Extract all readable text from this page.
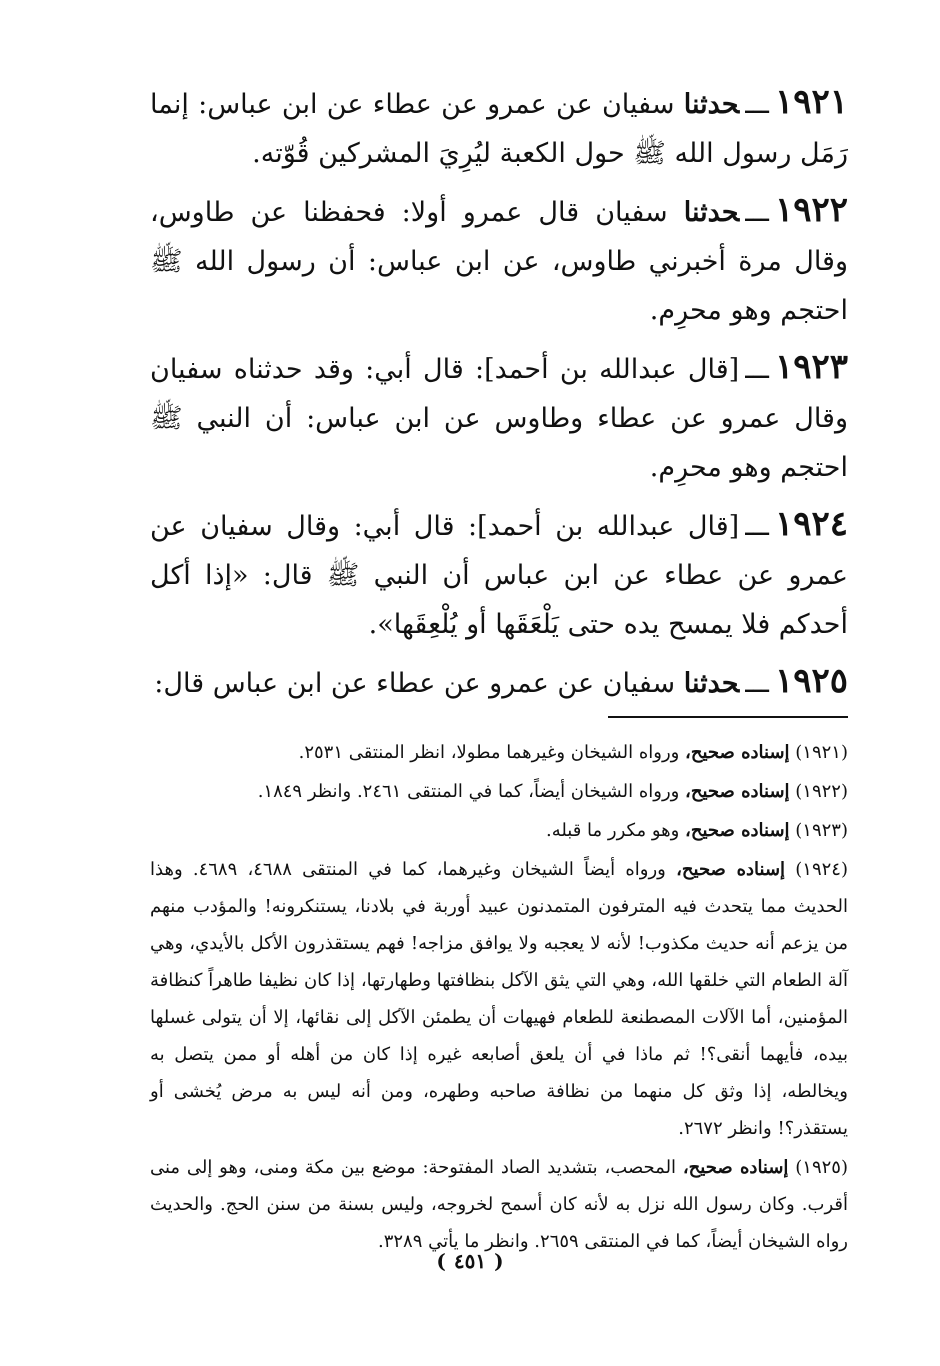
١٩٢١ـــحدثنا سفيان عن عمرو عن عطاء عن ابن عباس: إنما رَمَل رسول الله ﷺ حول الكعبة ليُرِيَ المشركين قُوّته.

١٩٢٢ـــحدثنا سفيان قال عمرو أولا: فحفظنا عن طاوس، وقال مرة أخبرني طاوس، عن ابن عباس: أن رسول الله ﷺ احتجم وهو محرِم.

١٩٢٣ـــ[قال عبدالله بن أحمد]: قال أبي: وقد حدثناه سفيان وقال عمرو عن عطاء وطاوس عن ابن عباس: أن النبي ﷺ احتجم وهو محرِم.

١٩٢٤ـــ[قال عبدالله بن أحمد]: قال أبي: وقال سفيان عن عمرو عن عطاء عن ابن عباس أن النبي ﷺ قال: «إذا أكل أحدكم فلا يمسح يده حتى يَلْعَقَها أو يُلْعِقَها».

١٩٢٥ـــحدثنا سفيان عن عمرو عن عطاء عن ابن عباس قال:

(١٩٢١) إسناده صحيح، ورواه الشيخان وغيرهما مطولا، انظر المنتقى ٢٥٣١.

(١٩٢٢) إسناده صحيح، ورواه الشيخان أيضاً، كما في المنتقى ٢٤٦١. وانظر ١٨٤٩.

(١٩٢٣) إسناده صحيح، وهو مكرر ما قبله.

(١٩٢٤) إسناده صحيح، ورواه أيضاً الشيخان وغيرهما، كما في المنتقى ٤٦٨٨، ٤٦٨٩. وهذا الحديث مما يتحدث فيه المترفون المتمدنون عبيد أوربة في بلادنا، يستنكرونه! والمؤدب منهم من يزعم أنه حديث مكذوب! لأنه لا يعجبه ولا يوافق مزاجه! فهم يستقذرون الأكل بالأيدي، وهي آلة الطعام التي خلقها الله، وهي التي يثق الآكل بنظافتها وطهارتها، إذا كان نظيفا طاهراً كنظافة المؤمنين، أما الآلات المصطنعة للطعام فهيهات أن يطمئن الآكل إلى نقائها، إلا أن يتولى غسلها بيده، فأيهما أنقى؟! ثم ماذا في أن يلعق أصابعه غيره إذا كان من أهله أو ممن يتصل به ويخالطه، إذا وثق كل منهما من نظافة صاحبه وطهره، ومن أنه ليس به مرض يُخشى أو يستقذر؟! وانظر ٢٦٧٢.

(١٩٢٥) إسناده صحيح، المحصب، بتشديد الصاد المفتوحة: موضع بين مكة ومنى، وهو إلى منى أقرب. وكان رسول الله نزل به لأنه كان أسمح لخروجه، وليس بسنة من سنن الحج. والحديث رواه الشيخان أيضاً، كما في المنتقى ٢٦٥٩. وانظر ما يأتي ٣٢٨٩.

(٤٥١)
